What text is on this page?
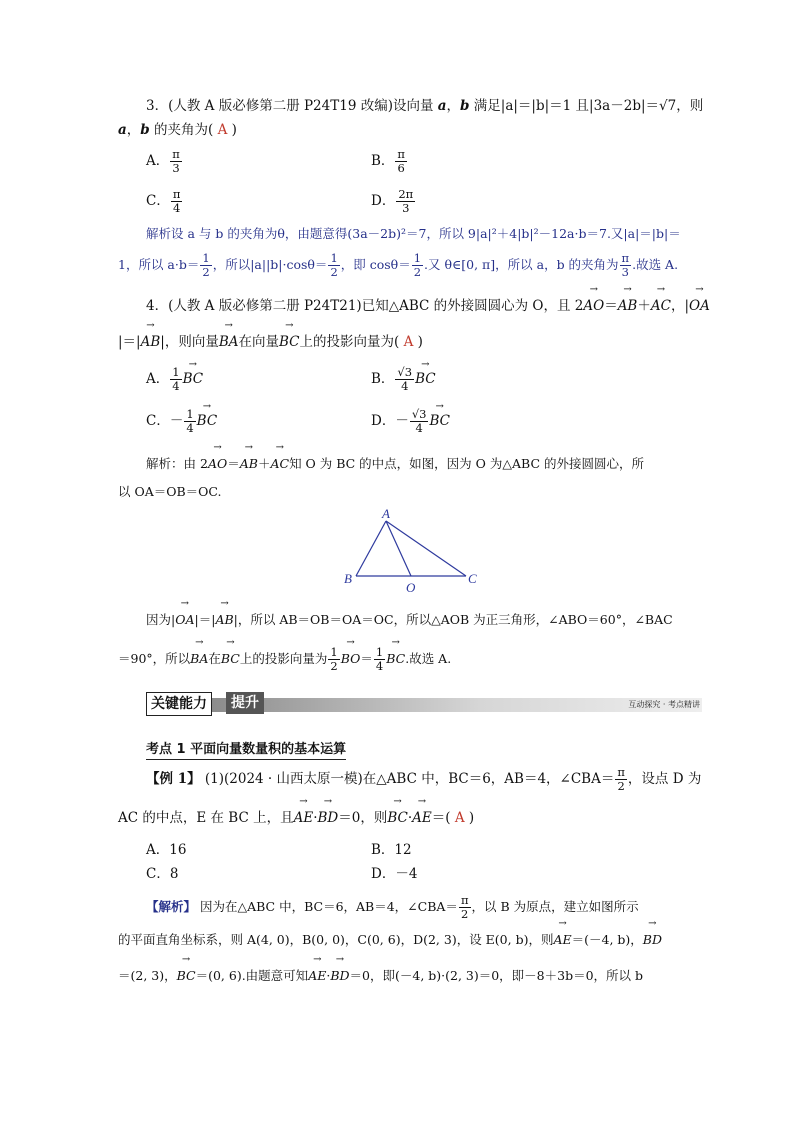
3．(人教 A 版必修第二册 P24T19 改编)设向量 a，b 满足|a|＝|b|＝1 且|3a－2b|＝√7，则
a，b 的夹角为( A )
A． $\frac{\pi}{3}$	B． $\frac{\pi}{6}$
C． $\frac{\pi}{4}$	D． $\frac{2\pi}{3}$
解析设 a 与 b 的夹角为θ，由题意得(3a－2b)²＝7，所以 9|a|²＋4|b|²－12a·b＝7.又|a|＝|b|＝
1，所以 $a\cdot b= \frac{1}{2}$ ，所以$|a||b|\cdot\cos\theta= \frac{1}{2}$ ，即 $\cos\theta= \frac{1}{2}$ .又 θ∈[0, π]，所以 a，b 的夹角为 $\frac{\pi}{3}$ .故选 A.
4．(人教 A 版必修第二册 P24T21)已知△ABC 的外接圆圆心为 O，且 2→ AO＝→ AB＋→ AC，|→ OA
|＝|→ AB|，则向量→ BA在向量→ BC上的投影向量为( A )
A． $\frac{1}{4}$
→ BC	B． $\frac{√3}{4}$
→ BC
C．－ $\frac{1}{4}$
→ BC	D．－ $\frac{√3}{4}$
→ BC
解析：由 2→ AO＝→ AB＋→ AC知 O 为 BC 的中点，如图，因为 O 为△ABC 的外接圆圆心，所
以 OA＝OB＝OC.
A
B
O
C
因为|→ OA|＝|→ AB|，所以 AB＝OB＝OA＝OC，所以△AOB 为正三角形，∠ABO＝60°，∠BAC
＝90°，所以→ BA在→ BC上的投影向量为 $\frac{1}{2}$
→ $BO= \frac{1}{4}$
→ BC.故选 A.
关键能力	提升	互动探究 · 考点精讲
考点 1 平面向量数量积的基本运算
【例 1】 (1)(2024 · 山西太原一模)在△ABC 中，BC＝6，AB＝4，∠CBA＝ $\frac{\pi}{2}$ ，设点 D 为
AC 的中点，E 在 BC 上，且→ AE·→ BD＝0，则→ BC·→ AE＝( A )
A．16	B．12
C．8	D．－4
【解析】 因为在△ABC 中，BC＝6，AB＝4，∠CBA＝ $\frac{\pi}{2}$ ，以 B 为原点，建立如图所示
的平面直角坐标系，则 A(4, 0)，B(0, 0)，C(0, 6)，D(2, 3)，设 E(0, b)，则→ AE＝(－4, b)，→ BD
＝(2, 3)，→ BC＝(0, 6).由题意可知→ AE·→ BD＝0，即(－4, b)·(2, 3)＝0，即－8＋3b＝0，所以 b
